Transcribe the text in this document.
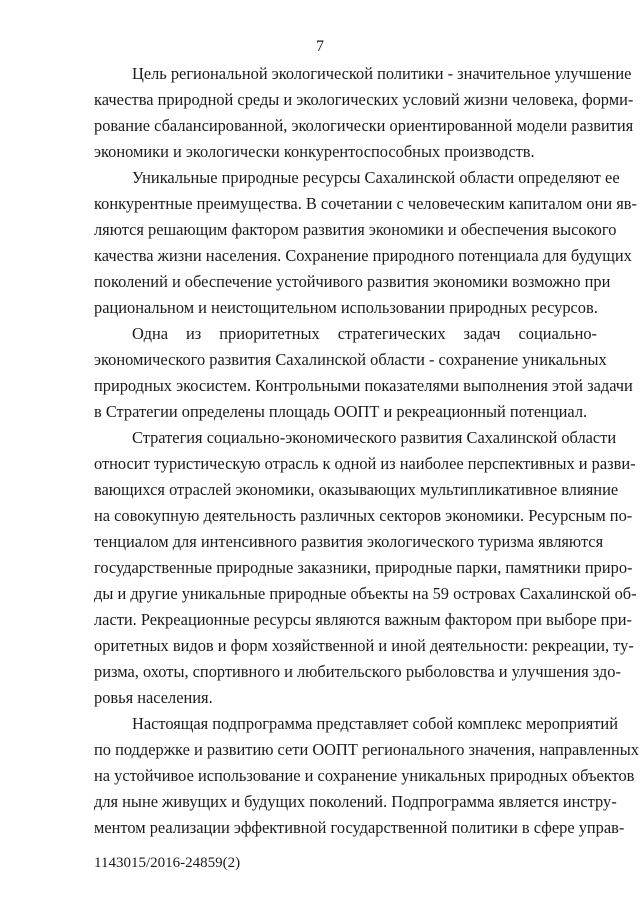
7
Цель региональной экологической политики - значительное улучшение
качества природной среды и экологических условий жизни человека, форми-
рование сбалансированной, экологически ориентированной модели развития
экономики и экологически конкурентоспособных производств.
Уникальные природные ресурсы Сахалинской области определяют ее
конкурентные преимущества. В сочетании с человеческим капиталом они яв-
ляются решающим фактором развития экономики и обеспечения высокого
качества жизни населения. Сохранение природного потенциала для будущих
поколений и обеспечение устойчивого развития экономики возможно при
рациональном и неистощительном использовании природных ресурсов.
Одна из приоритетных стратегических задач социально-
экономического развития Сахалинской области - сохранение уникальных
природных экосистем. Контрольными показателями выполнения этой задачи
в Стратегии определены площадь ООПТ и рекреационный потенциал.
Стратегия социально-экономического развития Сахалинской области
относит туристическую отрасль к одной из наиболее перспективных и разви-
вающихся отраслей экономики, оказывающих мультипликативное влияние
на совокупную деятельность различных секторов экономики. Ресурсным по-
тенциалом для интенсивного развития экологического туризма являются
государственные природные заказники, природные парки, памятники приро-
ды и другие уникальные природные объекты на 59 островах Сахалинской об-
ласти. Рекреационные ресурсы являются важным фактором при выборе при-
оритетных видов и форм хозяйственной и иной деятельности: рекреации, ту-
ризма, охоты, спортивного и любительского рыболовства и улучшения здо-
ровья населения.
Настоящая подпрограмма представляет собой комплекс мероприятий
по поддержке и развитию сети ООПТ регионального значения, направленных
на устойчивое использование и сохранение уникальных природных объектов
для ныне живущих и будущих поколений. Подпрограмма является инстру-
ментом реализации эффективной государственной политики в сфере управ-
1143015/2016-24859(2)
